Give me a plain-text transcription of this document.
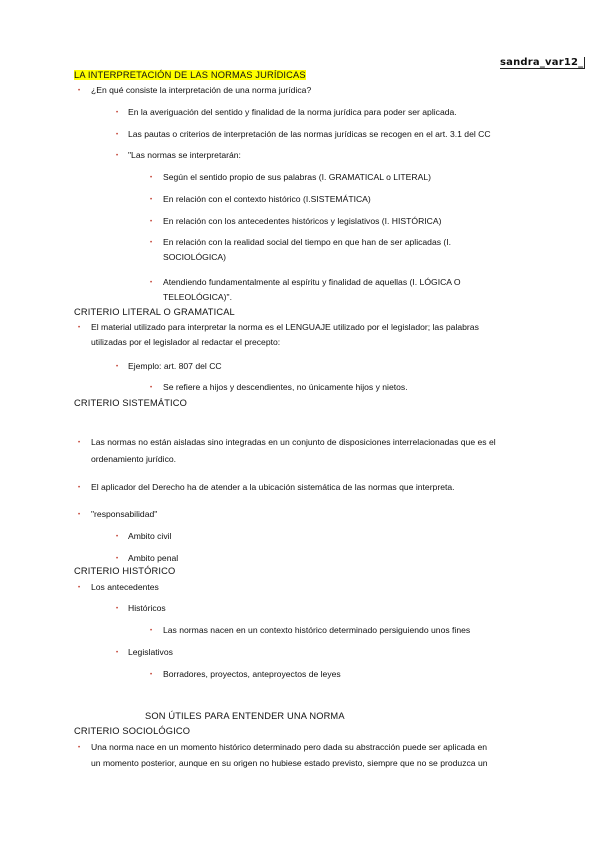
sandra_var12_
LA INTERPRETACIÓN DE LAS NORMAS JURÍDICAS
• ¿En qué consiste la interpretación de una norma jurídica?
• En la averiguación del sentido y finalidad de la norma jurídica para poder ser aplicada.
• Las pautas o criterios de interpretación de las normas jurídicas se recogen en el art. 3.1 del CC
• "Las normas se interpretarán:
• Según el sentido propio de sus palabras (I. GRAMATICAL o LITERAL)
• En relación con el contexto histórico (I.SISTEMÁTICA)
• En relación con los antecedentes históricos y legislativos (I. HISTÓRICA)
• En relación con la realidad social del tiempo en que han de ser aplicadas (I.
SOCIOLÓGICA)
• Atendiendo fundamentalmente al espíritu y finalidad de aquellas (I. LÓGICA O
TELEOLÓGICA)".
CRITERIO LITERAL O GRAMATICAL
• El material utilizado para interpretar la norma es el LENGUAJE utilizado por el legislador; las palabras
utilizadas por el legislador al redactar el precepto:
• Ejemplo: art. 807 del CC
• Se refiere a hijos y descendientes, no únicamente hijos y nietos.
CRITERIO SISTEMÁTICO
• Las normas no están aisladas sino integradas en un conjunto de disposiciones interrelacionadas que es el
ordenamiento jurídico.
• El aplicador del Derecho ha de atender a la ubicación sistemática de las normas que interpreta.
• "responsabilidad"
• Ambito civil
• Ambito penal
CRITERIO HISTÓRICO
• Los antecedentes
• Históricos
• Las normas nacen en un contexto histórico determinado persiguiendo unos fines
• Legislativos
• Borradores, proyectos, anteproyectos de leyes
SON ÚTILES PARA ENTENDER UNA NORMA
CRITERIO SOCIOLÓGICO
• Una norma nace en un momento histórico determinado pero dada su abstracción puede ser aplicada en
un momento posterior, aunque en su origen no hubiese estado previsto, siempre que no se produzca un
